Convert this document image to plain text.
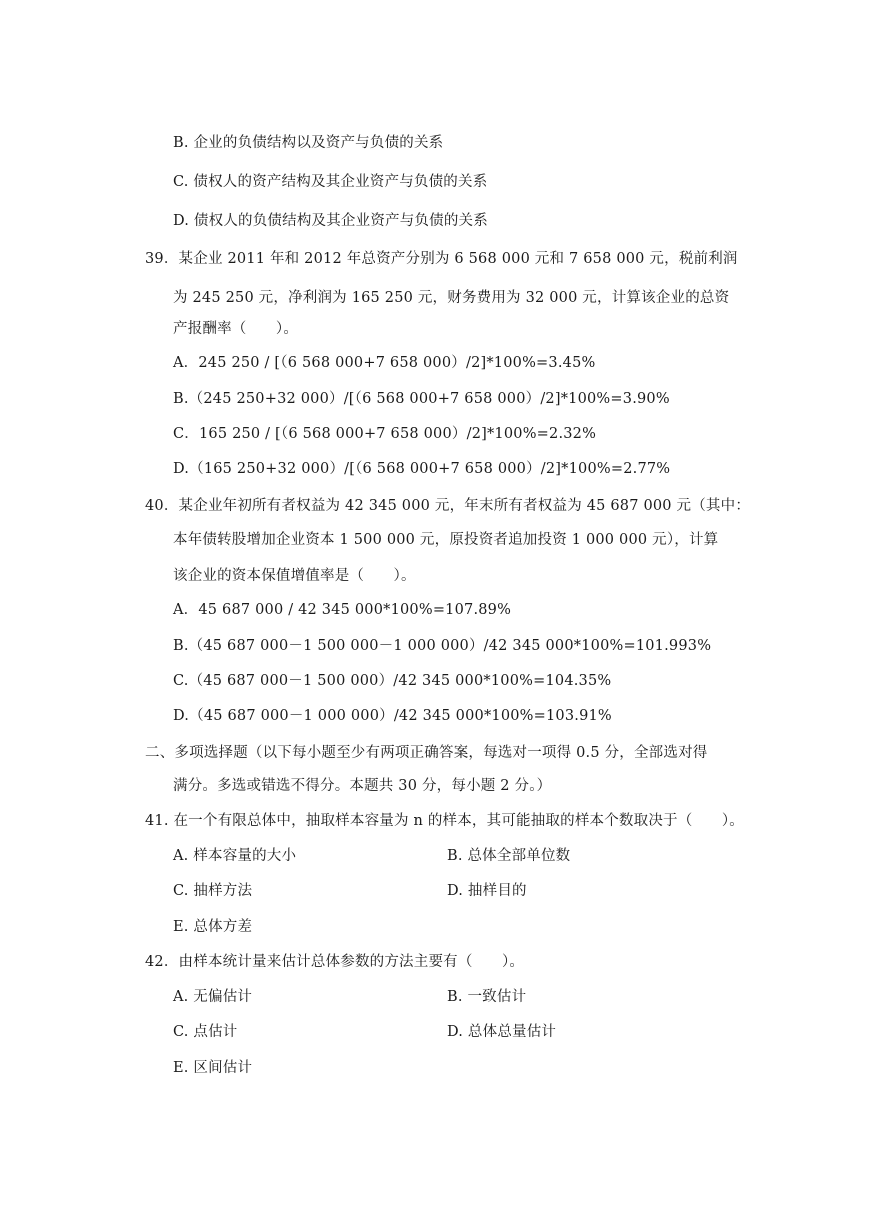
B. 企业的负债结构以及资产与负债的关系
C. 债权人的资产结构及其企业资产与负债的关系
D. 债权人的负债结构及其企业资产与负债的关系
39．某企业 2011 年和 2012 年总资产分别为 6 568 000 元和 7 658 000 元，税前利润
为 245 250 元，净利润为 165 250 元，财务费用为 32 000 元，计算该企业的总资
产报酬率（　　）。
A．245 250 / [（6 568 000+7 658 000）/2]*100%=3.45%
B.（245 250+32 000）/[（6 568 000+7 658 000）/2]*100%=3.90%
C．165 250 / [（6 568 000+7 658 000）/2]*100%=2.32%
D.（165 250+32 000）/[（6 568 000+7 658 000）/2]*100%=2.77%
40．某企业年初所有者权益为 42 345 000 元，年末所有者权益为 45 687 000 元（其中：
本年债转股增加企业资本 1 500 000 元，原投资者追加投资 1 000 000 元），计算
该企业的资本保值增值率是（　　）。
A．45 687 000 / 42 345 000*100%=107.89%
B.（45 687 000－1 500 000－1 000 000）/42 345 000*100%=101.993%
C.（45 687 000－1 500 000）/42 345 000*100%=104.35%
D.（45 687 000－1 000 000）/42 345 000*100%=103.91%
二、多项选择题（以下每小题至少有两项正确答案，每选对一项得 0.5 分，全部选对得
满分。多选或错选不得分。本题共 30 分，每小题 2 分。）
41. 在一个有限总体中，抽取样本容量为 n 的样本，其可能抽取的样本个数取决于（　　）。
A. 样本容量的大小	B. 总体全部单位数
C. 抽样方法	D. 抽样目的
E. 总体方差
42．由样本统计量来估计总体参数的方法主要有（　　）。
A. 无偏估计	B. 一致估计
C. 点估计	D. 总体总量估计
E. 区间估计
